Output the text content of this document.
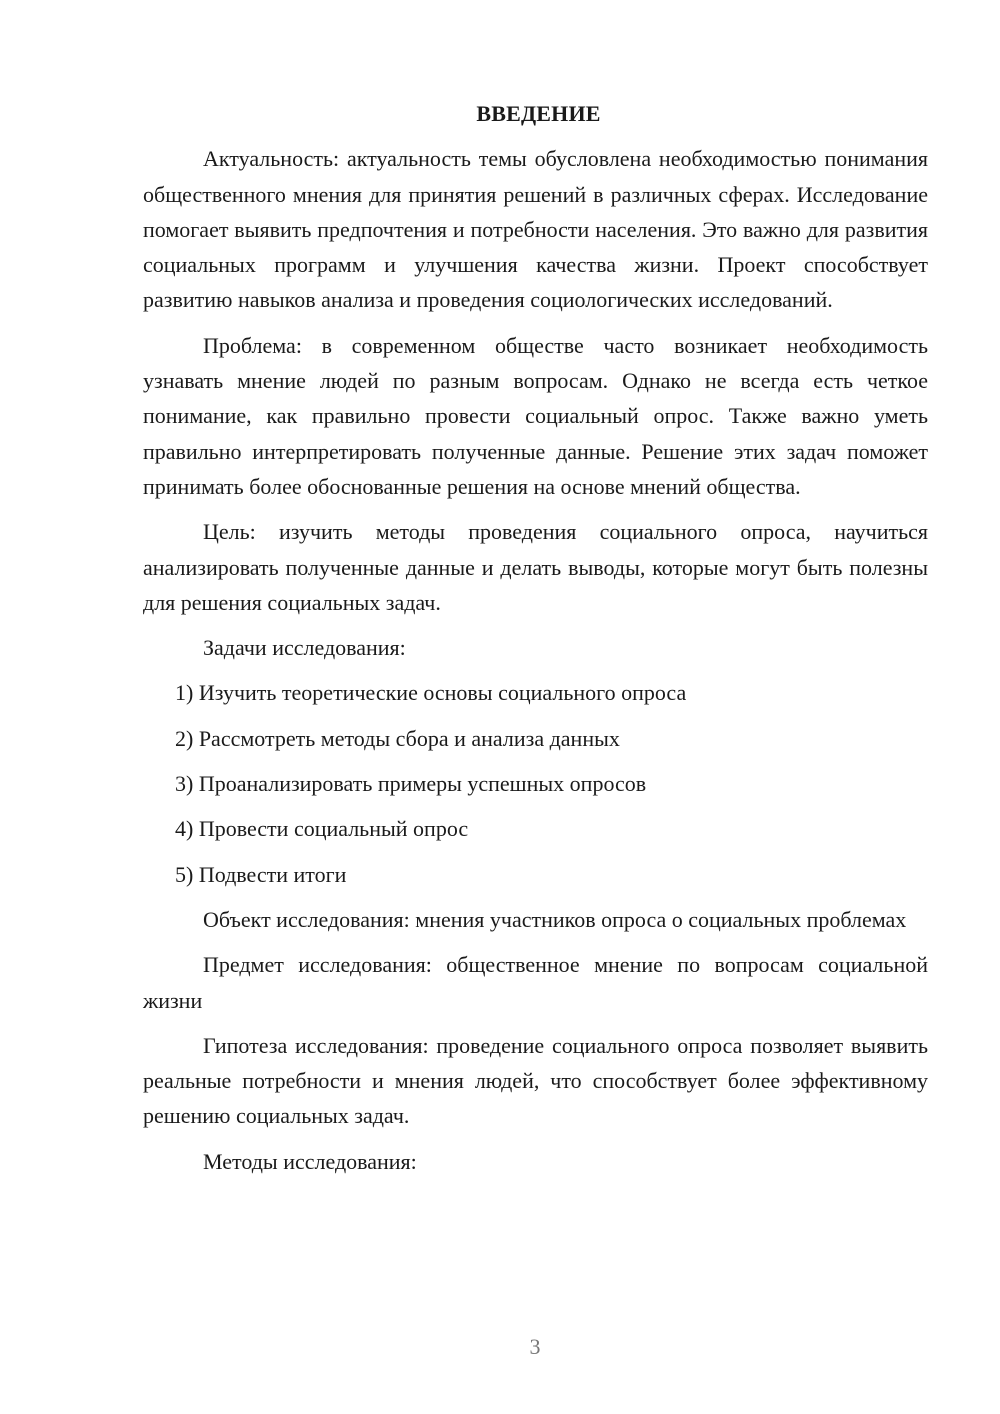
ВВЕДЕНИЕ

Актуальность: актуальность темы обусловлена необходимостью понимания общественного мнения для принятия решений в различных сферах. Исследование помогает выявить предпочтения и потребности населения. Это важно для развития социальных программ и улучшения качества жизни. Проект способствует развитию навыков анализа и проведения социологических исследований.

Проблема: в современном обществе часто возникает необходимость узнавать мнение людей по разным вопросам. Однако не всегда есть четкое понимание, как правильно провести социальный опрос. Также важно уметь правильно интерпретировать полученные данные. Решение этих задач поможет принимать более обоснованные решения на основе мнений общества.

Цель: изучить методы проведения социального опроса, научиться анализировать полученные данные и делать выводы, которые могут быть полезны для решения социальных задач.

Задачи исследования:

1) Изучить теоретические основы социального опроса
2) Рассмотреть методы сбора и анализа данных
3) Проанализировать примеры успешных опросов
4) Провести социальный опрос
5) Подвести итоги

Объект исследования: мнения участников опроса о социальных проблемах

Предмет исследования: общественное мнение по вопросам социальной жизни

Гипотеза исследования: проведение социального опроса позволяет выявить реальные потребности и мнения людей, что способствует более эффективному решению социальных задач.

Методы исследования:

3
